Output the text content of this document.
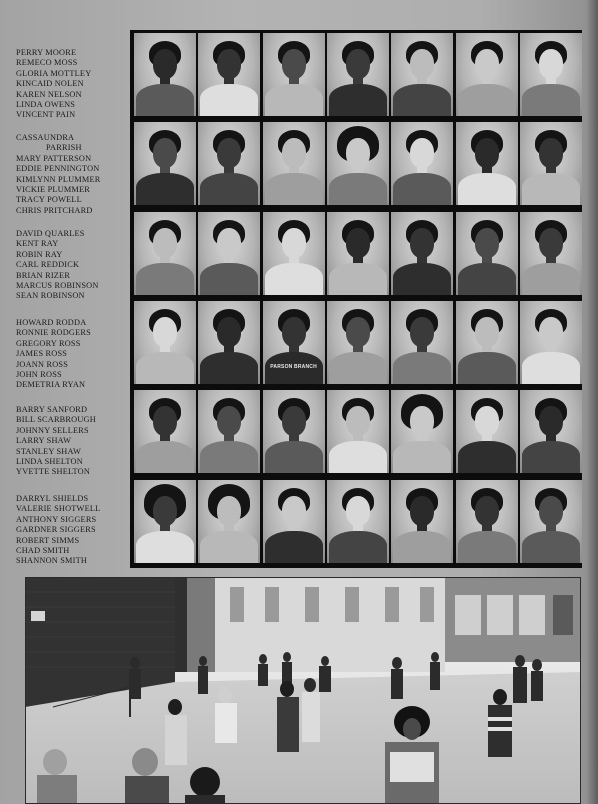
PERRY MOORE
REMECO MOSS
GLORIA MOTTLEY
KINCAID NOLEN
KAREN NELSON
LINDA OWENS
VINCENT PAIN
CASSAUNDRA
PARRISH
MARY PATTERSON
EDDIE PENNINGTON
KIMLYNN PLUMMER
VICKIE PLUMMER
TRACY POWELL
CHRIS PRITCHARD
DAVID QUARLES
KENT RAY
ROBIN RAY
CARL REDDICK
BRIAN RIZER
MARCUS ROBINSON
SEAN ROBINSON
HOWARD RODDA
RONNIE RODGERS
GREGORY ROSS
JAMES ROSS
JOANN ROSS
JOHN ROSS
DEMETRIA RYAN
BARRY SANFORD
BILL SCARBROUGH
JOHNNY SELLERS
LARRY SHAW
STANLEY SHAW
LINDA SHELTON
YVETTE SHELTON
DARRYL SHIELDS
VALERIE SHOTWELL
ANTHONY SIGGERS
GARDNER SIGGERS
ROBERT SIMMS
CHAD SMITH
SHANNON SMITH
PARSON BRANCH
